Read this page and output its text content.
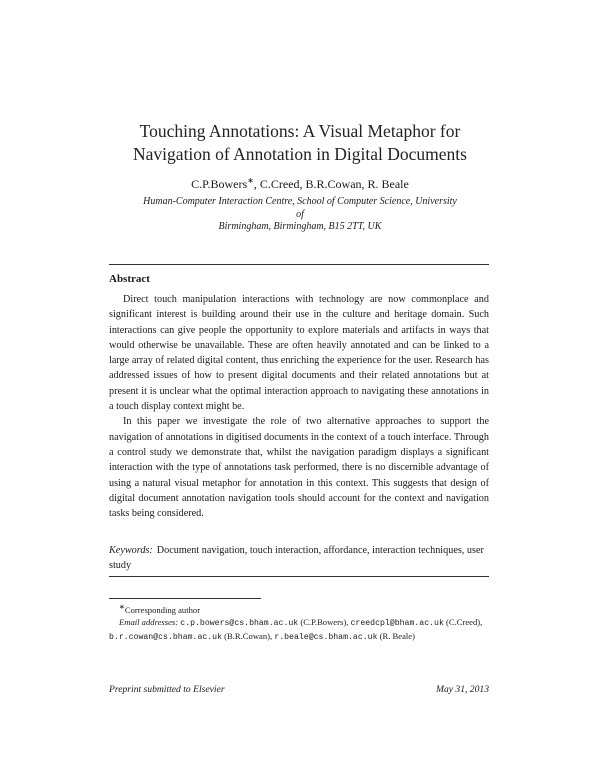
Touching Annotations: A Visual Metaphor for
Navigation of Annotation in Digital Documents
C.P.Bowers∗, C.Creed, B.R.Cowan, R. Beale
Human-Computer Interaction Centre, School of Computer Science, University of
Birmingham, Birmingham, B15 2TT, UK
Abstract

Direct touch manipulation interactions with technology are now commonplace and significant interest is building around their use in the culture and heritage domain. Such interactions can give people the opportunity to explore materials and artifacts in ways that would otherwise be unavailable. These are often heavily annotated and can be linked to a large array of related digital content, thus enriching the experience for the user. Research has addressed issues of how to present digital documents and their related annotations but at present it is unclear what the optimal interaction approach to navigating these annotations in a touch display context might be.

In this paper we investigate the role of two alternative approaches to support the navigation of annotations in digitised documents in the context of a touch interface. Through a control study we demonstrate that, whilst the navigation paradigm displays a significant interaction with the type of annotations task performed, there is no discernible advantage of using a natural visual metaphor for annotation in this context. This suggests that design of digital document annotation navigation tools should account for the context and navigation tasks being considered.

Keywords: Document navigation, touch interaction, affordance, interaction techniques, user study
∗Corresponding author
Email addresses: c.p.bowers@cs.bham.ac.uk (C.P.Bowers), creedcpl@bham.ac.uk (C.Creed), b.r.cowan@cs.bham.ac.uk (B.R.Cowan), r.beale@cs.bham.ac.uk (R. Beale)
Preprint submitted to Elsevier	May 31, 2013
